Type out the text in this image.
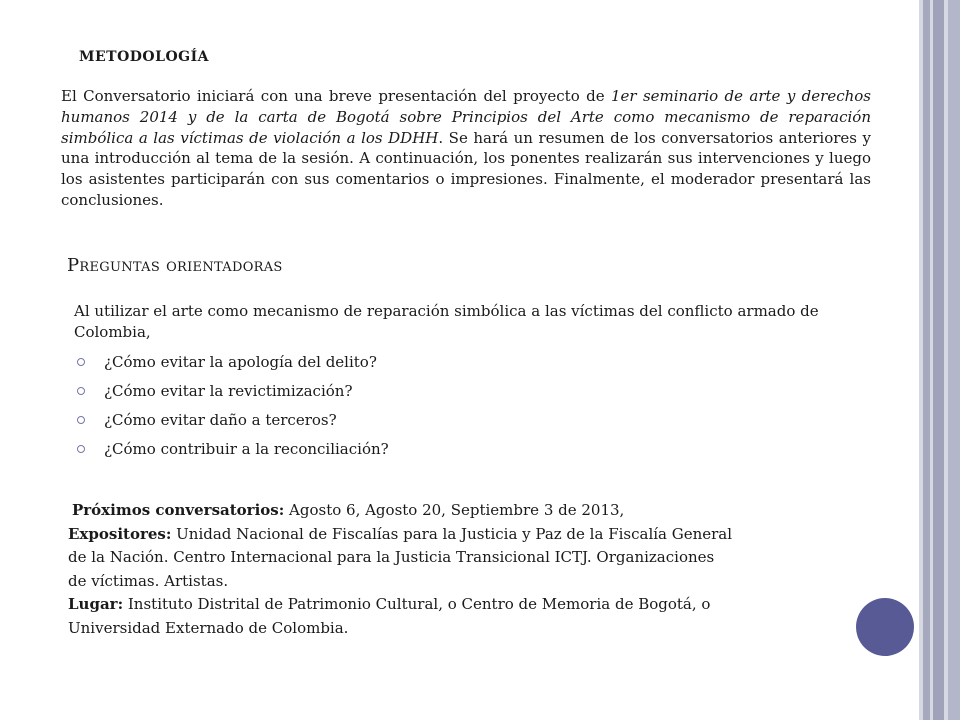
METODOLOGÍA

El Conversatorio iniciará con una breve presentación del proyecto de 1er seminario de arte y derechos humanos 2014 y de la carta de Bogotá sobre Principios del Arte como mecanismo de reparación simbólica a las víctimas de violación a los DDHH. Se hará un resumen de los conversatorios anteriores y una introducción al tema de la sesión. A continuación, los ponentes realizarán sus intervenciones y luego los asistentes participarán con sus comentarios o impresiones. Finalmente, el moderador presentará las conclusiones.

Preguntas orientadoras

Al utilizar el arte como mecanismo de reparación simbólica a las víctimas del conflicto armado de Colombia,

¿Cómo evitar la apología del delito?
¿Cómo evitar la revictimización?
¿Cómo evitar daño a terceros?
¿Cómo contribuir a la reconciliación?
Próximos conversatorios: Agosto 6, Agosto 20, Septiembre 3 de 2013,
Expositores: Unidad Nacional de Fiscalías para la Justicia y Paz de la Fiscalía General
de la Nación. Centro Internacional para la Justicia Transicional ICTJ. Organizaciones
de víctimas. Artistas.
Lugar: Instituto Distrital de Patrimonio Cultural, o Centro de Memoria de Bogotá, o
Universidad Externado de Colombia.
